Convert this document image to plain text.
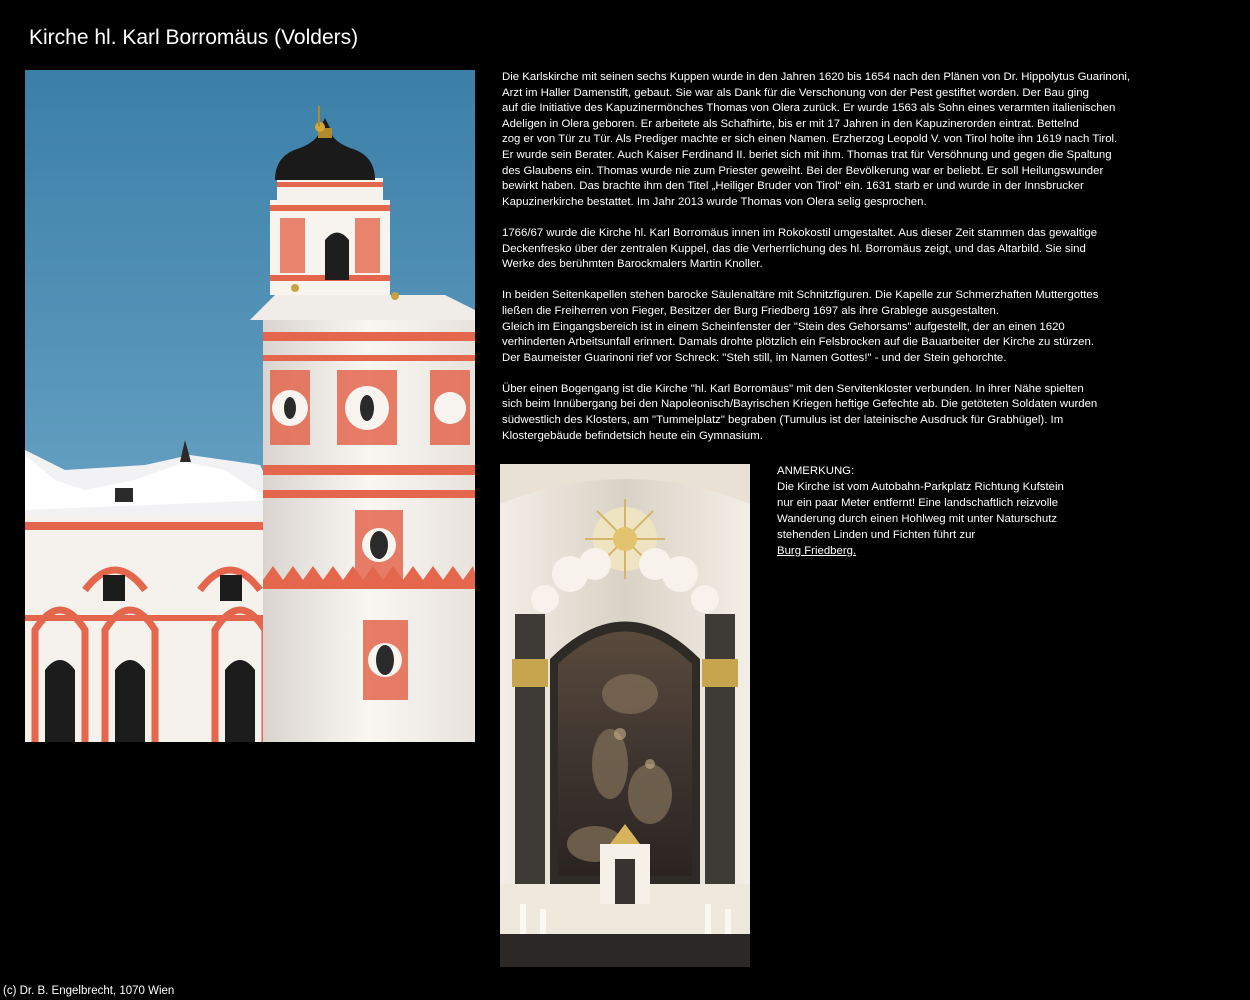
Kirche hl. Karl Borromäus (Volders)

Die Karlskirche mit seinen sechs Kuppen wurde in den Jahren 1620 bis 1654 nach den Plänen von Dr. Hippolytus Guarinoni,
Arzt im Haller Damenstift, gebaut. Sie war als Dank für die Verschonung von der Pest gestiftet worden. Der Bau ging
auf die Initiative des Kapuzinermönches Thomas von Olera zurück. Er wurde 1563 als Sohn eines verarmten italienischen
Adeligen in Olera geboren. Er arbeitete als Schafhirte, bis er mit 17 Jahren in den Kapuzinerorden eintrat. Bettelnd
zog er von Tür zu Tür. Als Prediger machte er sich einen Namen. Erzherzog Leopold V. von Tirol holte ihn 1619 nach Tirol.
Er wurde sein Berater. Auch Kaiser Ferdinand II. beriet sich mit ihm. Thomas trat für Versöhnung und gegen die Spaltung
des Glaubens ein. Thomas wurde nie zum Priester geweiht. Bei der Bevölkerung war er beliebt. Er soll Heilungswunder
bewirkt haben. Das brachte ihm den Titel „Heiliger Bruder von Tirol“ ein. 1631 starb er und wurde in der Innsbrucker
Kapuzinerkirche bestattet. Im Jahr 2013 wurde Thomas von Olera selig gesprochen.

1766/67 wurde die Kirche hl. Karl Borromäus innen im Rokokostil umgestaltet. Aus dieser Zeit stammen das gewaltige
Deckenfresko über der zentralen Kuppel, das die Verherrlichung des hl. Borromäus zeigt, und das Altarbild. Sie sind
Werke des berühmten Barockmalers Martin Knoller.

In beiden Seitenkapellen stehen barocke Säulenaltäre mit Schnitzfiguren. Die Kapelle zur Schmerzhaften Muttergottes
ließen die Freiherren von Fieger, Besitzer der Burg Friedberg 1697 als ihre Grablege ausgestalten.
Gleich im Eingangsbereich ist in einem Scheinfenster der "Stein des Gehorsams" aufgestellt, der an einen 1620
verhinderten Arbeitsunfall erinnert. Damals drohte plötzlich ein Felsbrocken auf die Bauarbeiter der Kirche zu stürzen.
Der Baumeister Guarinoni rief vor Schreck: "Steh still, im Namen Gottes!" - und der Stein gehorchte.

Über einen Bogengang ist die Kirche "hl. Karl Borromäus" mit den Servitenkloster verbunden. In ihrer Nähe spielten
sich beim Innübergang bei den Napoleonisch/Bayrischen Kriegen heftige Gefechte ab. Die getöteten Soldaten wurden
südwestlich des Klosters, am "Tummelplatz" begraben (Tumulus ist der lateinische Ausdruck für Grabhügel). Im
Klostergebäude befindetsich heute ein Gymnasium.

ANMERKUNG:
Die Kirche ist vom Autobahn-Parkplatz Richtung Kufstein
nur ein paar Meter entfernt! Eine landschaftlich reizvolle
Wanderung durch einen Hohlweg mit unter Naturschutz
stehenden Linden und Fichten führt zur
Burg Friedberg.
(c) Dr. B. Engelbrecht, 1070 Wien
